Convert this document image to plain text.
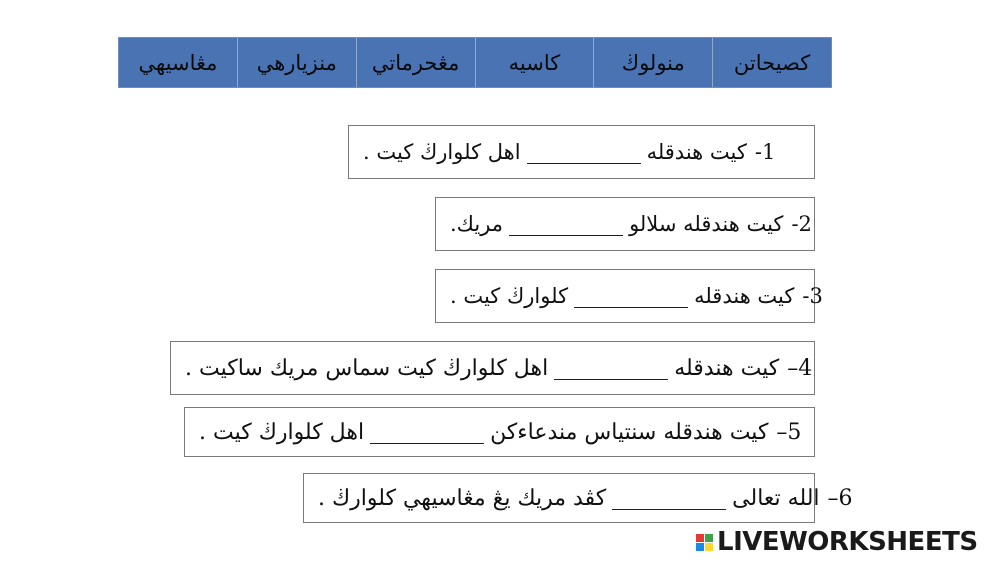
كصيحاتن
منولوڬ
کاسيه
مڠحرماتي
منزيارهي
مڠاسيهي
1-
كيت هندقله
اهل كلوارڬ كيت .
2-
كيت هندقله سلالو
مريك.
3-
كيت هندقله
كلوارڬ كيت .
4–
كيت هندقله
اهل كلوارڬ كيت سماس مريك ساكيت .
5–
كيت هندقله سنتياس مندعاءكن
اهل كلوارڬ كيت .
6–
الله تعالى
كڤد مريك يڠ مڠاسيهي كلوارڬ .
LIVEWORKSHEETS
